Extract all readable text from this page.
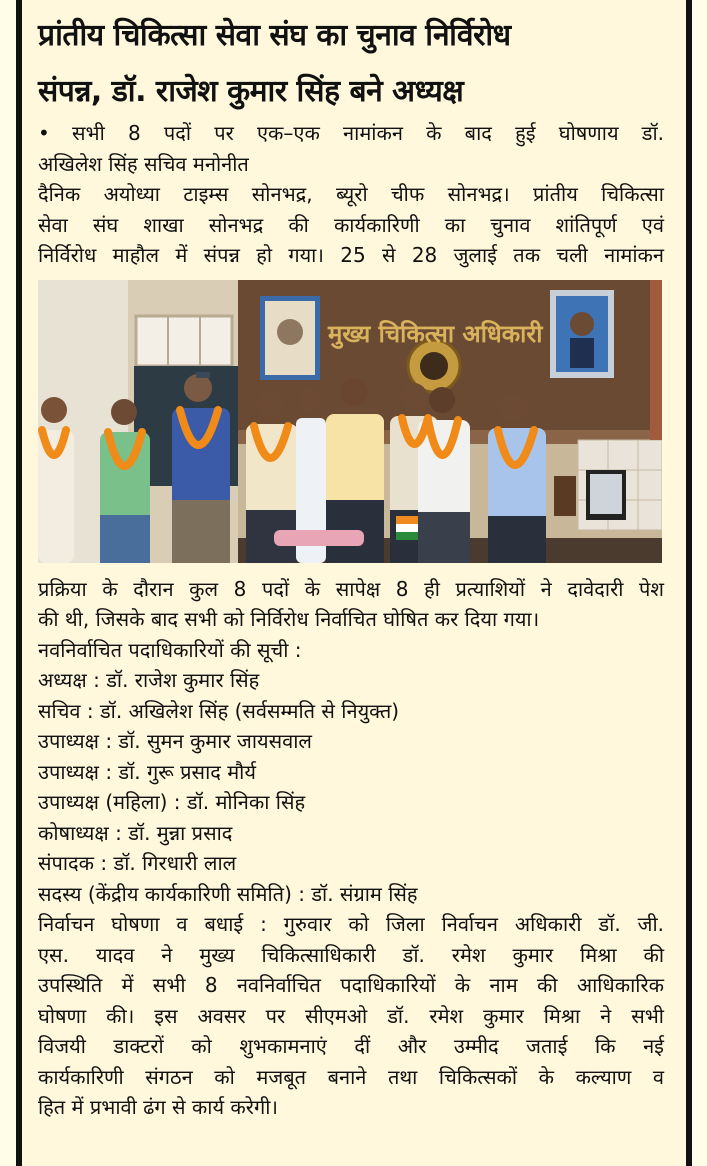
प्रांतीय चिकित्सा सेवा संघ का चुनाव निर्विरोध
संपन्न, डॉ. राजेश कुमार सिंह बने अध्यक्ष

• सभी 8 पदों पर एक–एक नामांकन के बाद हुई घोषणाय डॉ.

अखिलेश सिंह सचिव मनोनीत

दैनिक अयोध्या टाइम्स सोनभद्र, ब्यूरो चीफ सोनभद्र। प्रांतीय चिकित्सा

सेवा संघ शाखा सोनभद्र की कार्यकारिणी का चुनाव शांतिपूर्ण एवं

निर्विरोध माहौल में संपन्न हो गया। 25 से 28 जुलाई तक चली नामांकन

मुख्य चिकित्सा अधिकारी

प्रक्रिया के दौरान कुल 8 पदों के सापेक्ष 8 ही प्रत्याशियों ने दावेदारी पेश

की थी, जिसके बाद सभी को निर्विरोध निर्वाचित घोषित कर दिया गया।

नवनिर्वाचित पदाधिकारियों की सूची :

अध्यक्ष : डॉ. राजेश कुमार सिंह

सचिव : डॉ. अखिलेश सिंह (सर्वसम्मति से नियुक्त)

उपाध्यक्ष : डॉ. सुमन कुमार जायसवाल

उपाध्यक्ष : डॉ. गुरू प्रसाद मौर्य

उपाध्यक्ष (महिला) : डॉ. मोनिका सिंह

कोषाध्यक्ष : डॉ. मुन्ना प्रसाद

संपादक : डॉ. गिरधारी लाल

सदस्य (केंद्रीय कार्यकारिणी समिति) : डॉ. संग्राम सिंह

निर्वाचन घोषणा व बधाई : गुरुवार को जिला निर्वाचन अधिकारी डॉ. जी.

एस. यादव ने मुख्य चिकित्साधिकारी डॉ. रमेश कुमार मिश्रा की

उपस्थिति में सभी 8 नवनिर्वाचित पदाधिकारियों के नाम की आधिकारिक

घोषणा की। इस अवसर पर सीएमओ डॉ. रमेश कुमार मिश्रा ने सभी

विजयी डाक्टरों को शुभकामनाएं दीं और उम्मीद जताई कि नई

कार्यकारिणी संगठन को मजबूत बनाने तथा चिकित्सकों के कल्याण व

हित में प्रभावी ढंग से कार्य करेगी।
